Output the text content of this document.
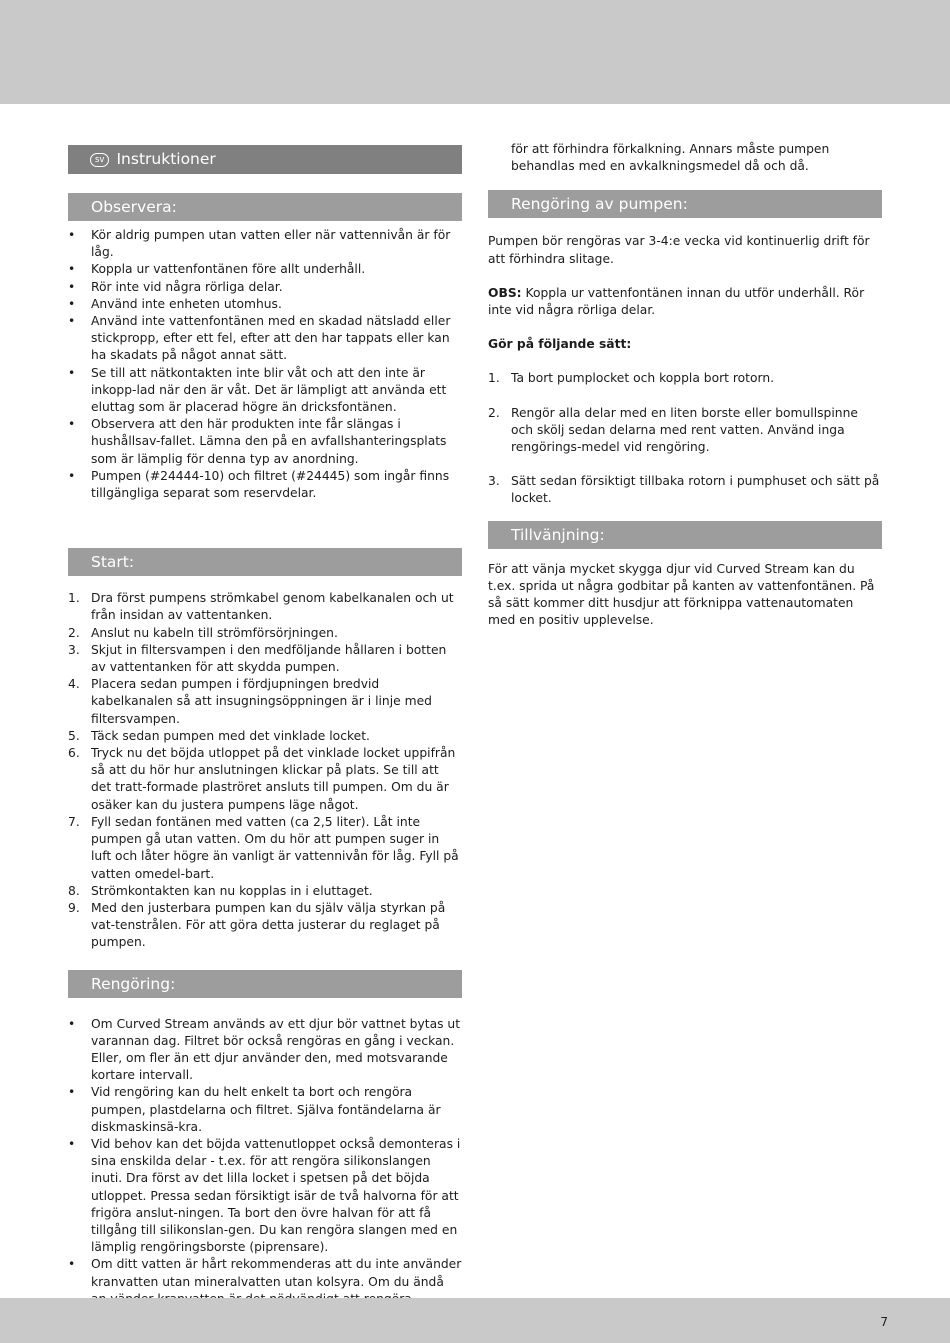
sv Instruktioner
Observera:
• Kör aldrig pumpen utan vatten eller när vattennivån är för låg.
• Koppla ur vattenfontänen före allt underhåll.
• Rör inte vid några rörliga delar.
• Använd inte enheten utomhus.
• Använd inte vattenfontänen med en skadad nätsladd eller stickpropp, efter ett fel, efter att den har tappats eller kan ha skadats på något annat sätt.
• Se till att nätkontakten inte blir våt och att den inte är inkopp-lad när den är våt. Det är lämpligt att använda ett eluttag som är placerad högre än dricksfontänen.
• Observera att den här produkten inte får slängas i hushållsav-fallet. Lämna den på en avfallshanteringsplats som är lämplig för denna typ av anordning.
• Pumpen (#24444-10) och filtret (#24445) som ingår finns tillgängliga separat som reservdelar.
Start:
1. Dra först pumpens strömkabel genom kabelkanalen och ut från insidan av vattentanken.
2. Anslut nu kabeln till strömförsörjningen.
3. Skjut in filtersvampen i den medföljande hållaren i botten av vattentanken för att skydda pumpen.
4. Placera sedan pumpen i fördjupningen bredvid kabelkanalen så att insugningsöppningen är i linje med filtersvampen.
5. Täck sedan pumpen med det vinklade locket.
6. Tryck nu det böjda utloppet på det vinklade locket uppifrån så att du hör hur anslutningen klickar på plats. Se till att det tratt-formade plaströret ansluts till pumpen. Om du är osäker kan du justera pumpens läge något.
7. Fyll sedan fontänen med vatten (ca 2,5 liter). Låt inte pumpen gå utan vatten. Om du hör att pumpen suger in luft och låter högre än vanligt är vattennivån för låg. Fyll på vatten omedel-bart.
8. Strömkontakten kan nu kopplas in i eluttaget.
9. Med den justerbara pumpen kan du själv välja styrkan på vat-tenstrålen. För att göra detta justerar du reglaget på pumpen.
Rengöring:
• Om Curved Stream används av ett djur bör vattnet bytas ut varannan dag. Filtret bör också rengöras en gång i veckan. Eller, om fler än ett djur använder den, med motsvarande kortare intervall.
• Vid rengöring kan du helt enkelt ta bort och rengöra pumpen, plastdelarna och filtret. Själva fontändelarna är diskmaskinsä-kra.
• Vid behov kan det böjda vattenutloppet också demonteras i sina enskilda delar - t.ex. för att rengöra silikonslangen inuti. Dra först av det lilla locket i spetsen på det böjda utloppet. Pressa sedan försiktigt isär de två halvorna för att frigöra anslut-ningen. Ta bort den övre halvan för att få tillgång till silikonslan-gen. Du kan rengöra slangen med en lämplig rengöringsborste (piprensare).
• Om ditt vatten är hårt rekommenderas att du inte använder kranvatten utan mineralvatten utan kolsyra. Om du ändå

för att förhindra förkalkning. Annars måste pumpen behandlas med en avkalkningsmedel då och då.

Rengöring av pumpen:

Pumpen bör rengöras var 3-4:e vecka vid kontinuerlig drift för att förhindra slitage.

OBS: Koppla ur vattenfontänen innan du utför underhåll. Rör inte vid några rörliga delar.

Gör på följande sätt:

1. Ta bort pumplocket och koppla bort rotorn.
2. Rengör alla delar med en liten borste eller bomullspinne och skölj sedan delarna med rent vatten. Använd inga rengörings-medel vid rengöring.
3. Sätt sedan försiktigt tillbaka rotorn i pumphuset och sätt på locket.
Tillvänjning:

För att vänja mycket skygga djur vid Curved Stream kan du t.ex. sprida ut några godbitar på kanten av vattenfontänen. På så sätt kommer ditt husdjur att förknippa vattenautomaten med en positiv upplevelse.

7
